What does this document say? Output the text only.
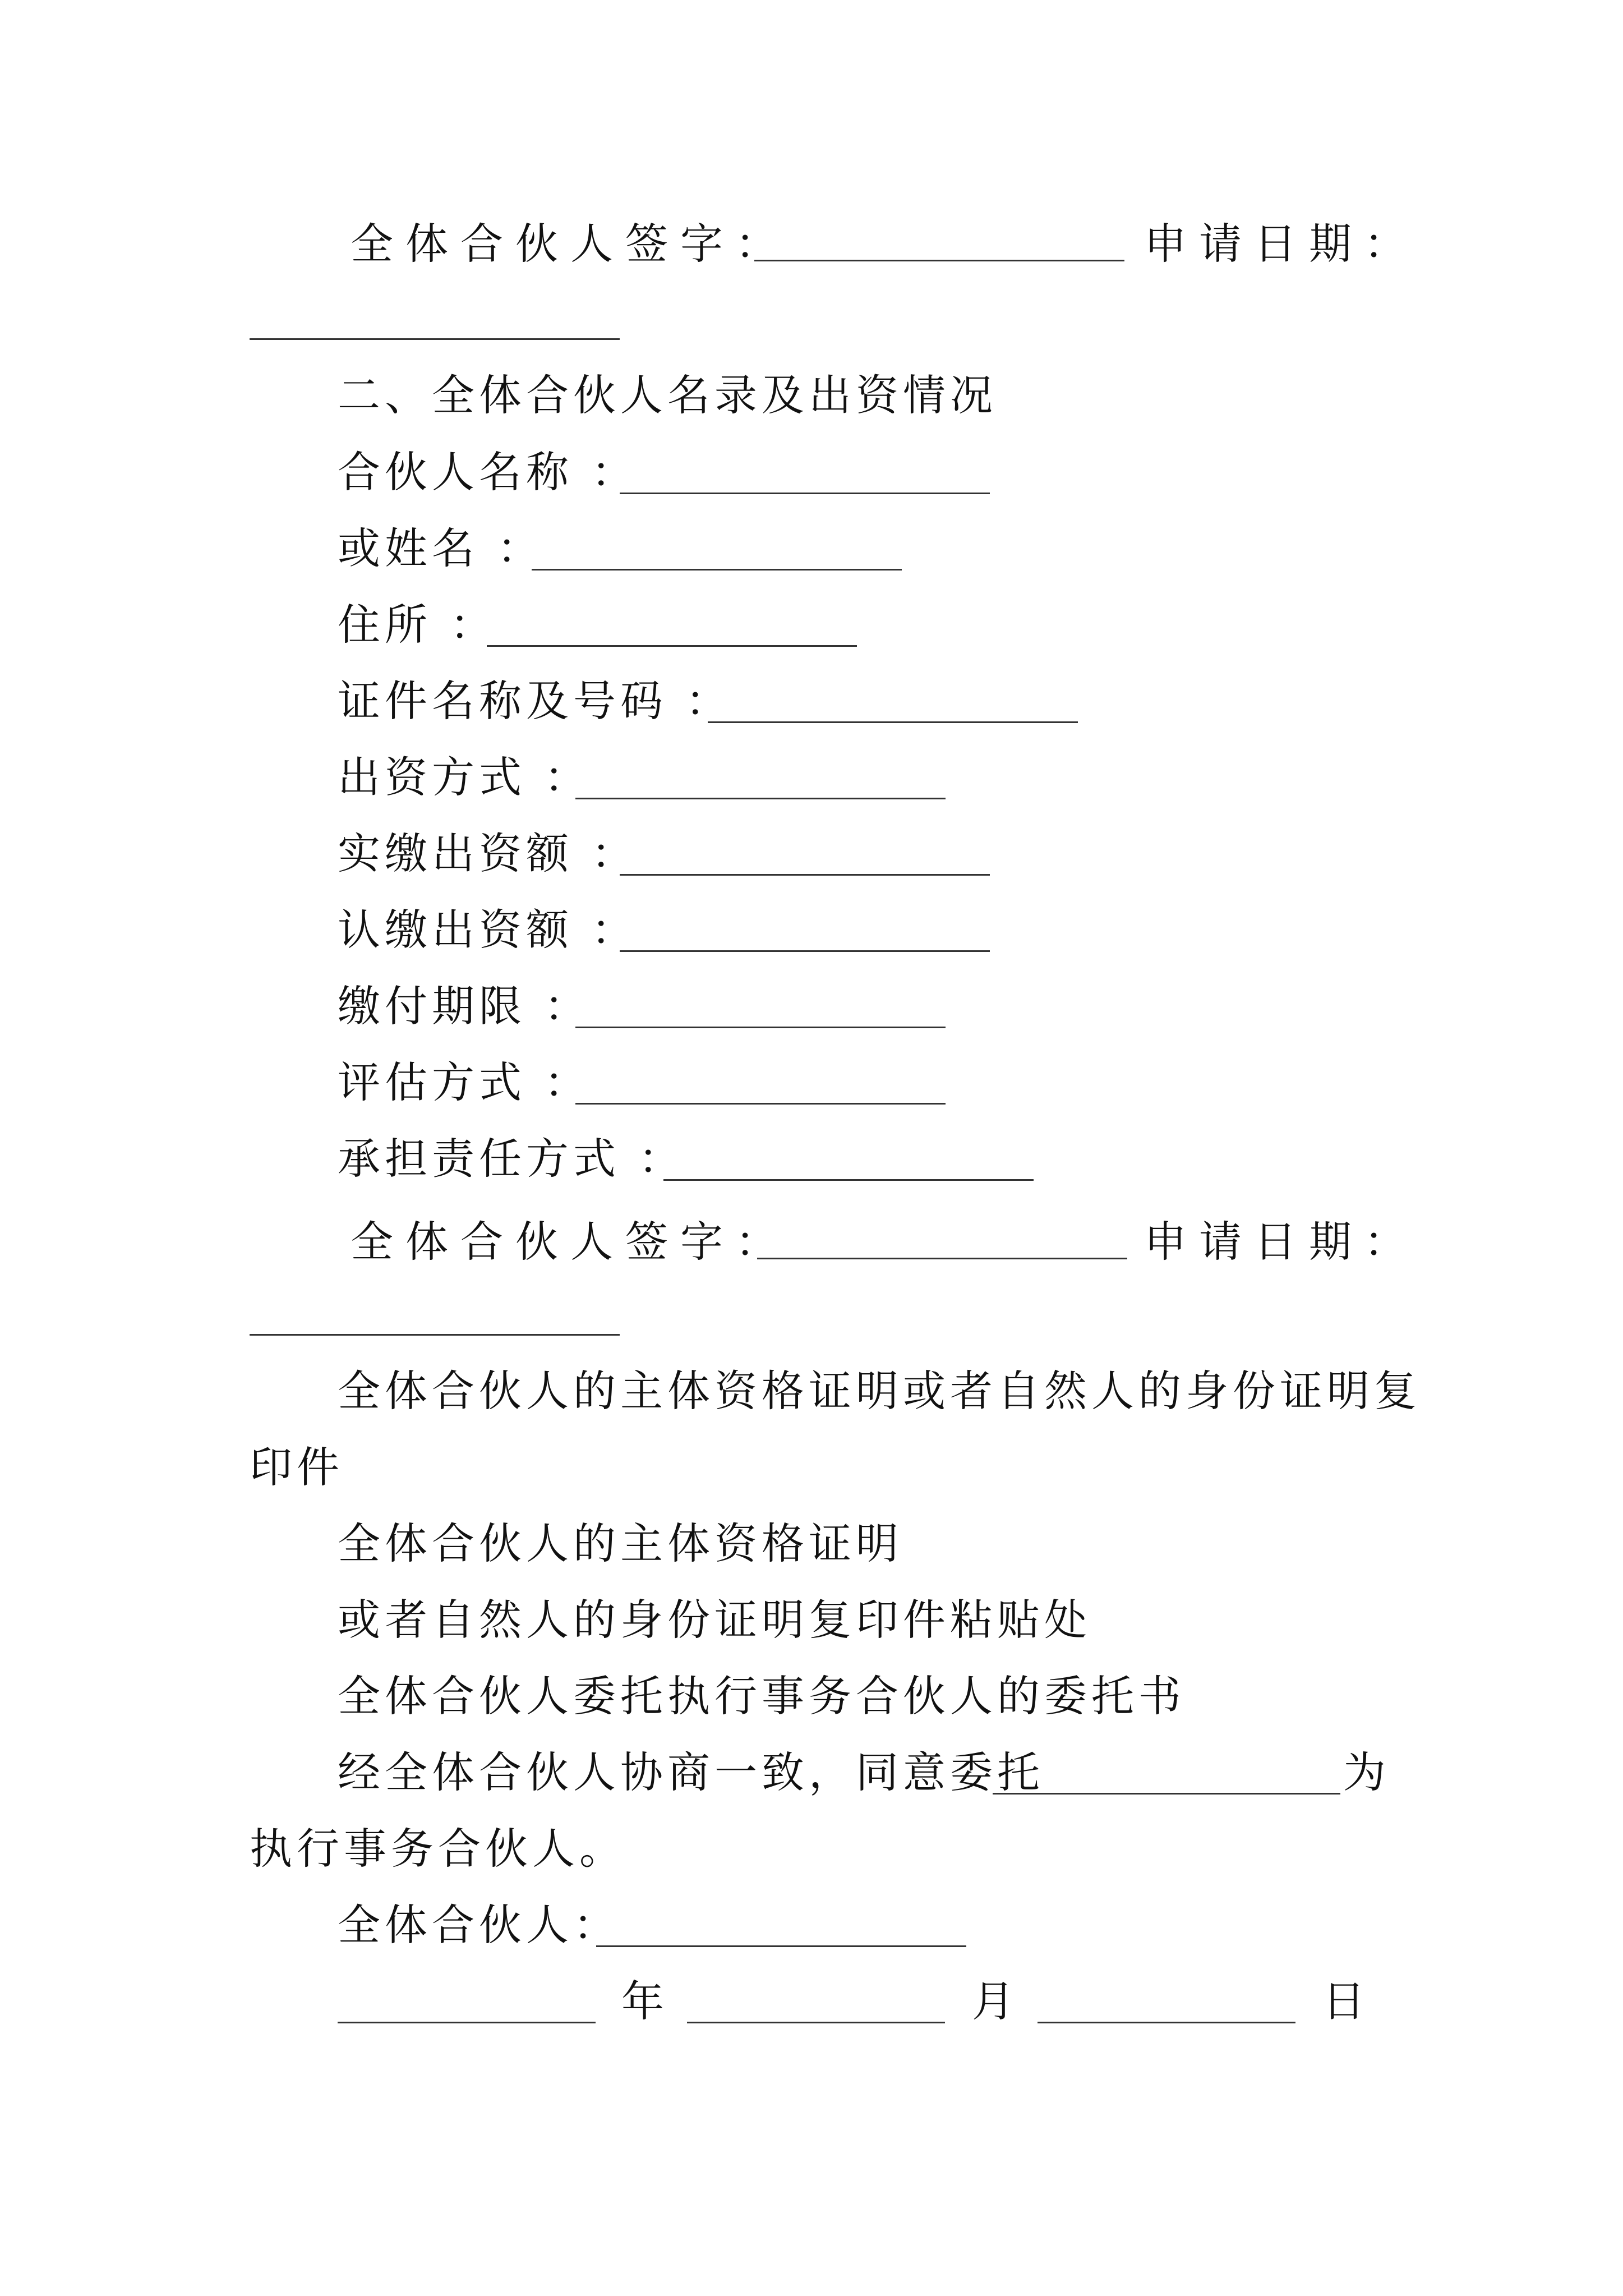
全体合伙人签字：	申请日期：
二、全体合伙人名录及出资情况
合伙人名称 ：
或姓名 ：
住所 ：
证件名称及号码 ：
出资方式 ：
实缴出资额 ：
认缴出资额 ：
缴付期限 ：
评估方式 ：
承担责任方式 ：
全体合伙人签字：	申请日期：
全体合伙人的主体资格证明或者自然人的身份证明复
印件
全体合伙人的主体资格证明
或者自然人的身份证明复印件粘贴处
全体合伙人委托执行事务合伙人的委托书
经全体合伙人协商一致，同意委托	为
执行事务合伙人。
全体合伙人：
年	月	日
